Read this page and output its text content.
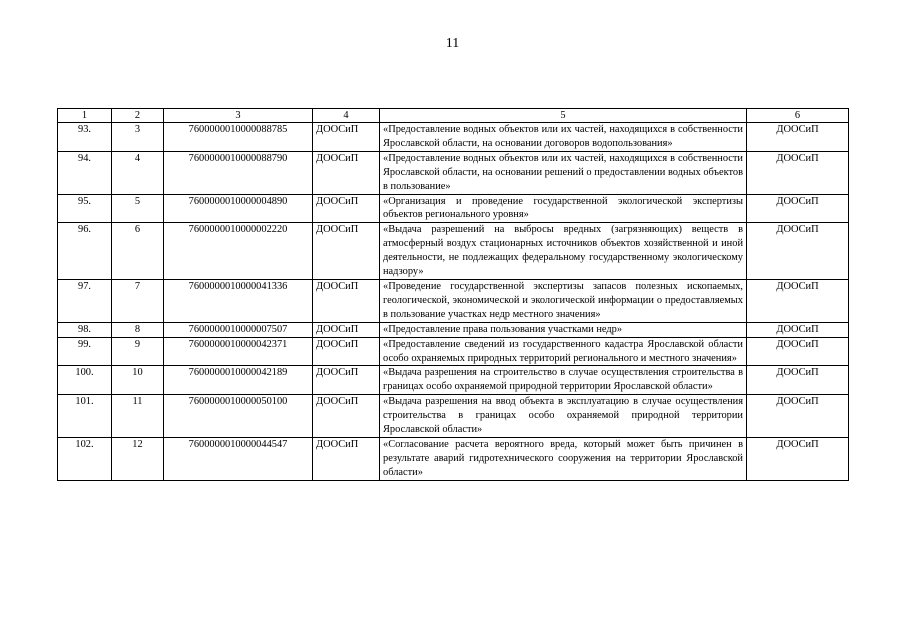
11
1	2	3	4	5	6
93.	3	7600000010000088785	ДООСиП	«Предоставление водных объектов или их частей, находящихся в собственности Ярославской области, на основании договоров водопользования»	ДООСиП
94.	4	7600000010000088790	ДООСиП	«Предоставление водных объектов или их частей, находящихся в собственности Ярославской области, на основании решений о предоставлении водных объектов в пользование»	ДООСиП
95.	5	7600000010000004890	ДООСиП	«Организация и проведение государственной экологической экспертизы объектов регионального уровня»	ДООСиП
96.	6	7600000010000002220	ДООСиП	«Выдача разрешений на выбросы вредных (загрязняющих) веществ в атмосферный воздух стационарных источников объектов хозяйственной и иной деятельности, не подлежащих федеральному государственному экологическому надзору»	ДООСиП
97.	7	7600000010000041336	ДООСиП	«Проведение государственной экспертизы запасов полезных ископаемых, геологической, экономической и экологической информации о предоставляемых в пользование участках недр местного значения»	ДООСиП
98.	8	7600000010000007507	ДООСиП	«Предоставление права пользования участками недр»	ДООСиП
99.	9	7600000010000042371	ДООСиП	«Предоставление сведений из государственного кадастра Ярославской области особо охраняемых природных территорий регионального и местного значения»	ДООСиП
100.	10	7600000010000042189	ДООСиП	«Выдача разрешения на строительство в случае осуществления строительства в границах особо охраняемой природной территории Ярославской области»	ДООСиП
101.	11	7600000010000050100	ДООСиП	«Выдача разрешения на ввод объекта в эксплуатацию в случае осуществления строительства в границах особо охраняемой природной территории Ярославской области»	ДООСиП
102.	12	7600000010000044547	ДООСиП	«Согласование расчета вероятного вреда, который может быть причинен в результате аварий гидротехнического сооружения на территории Ярославской области»	ДООСиП
